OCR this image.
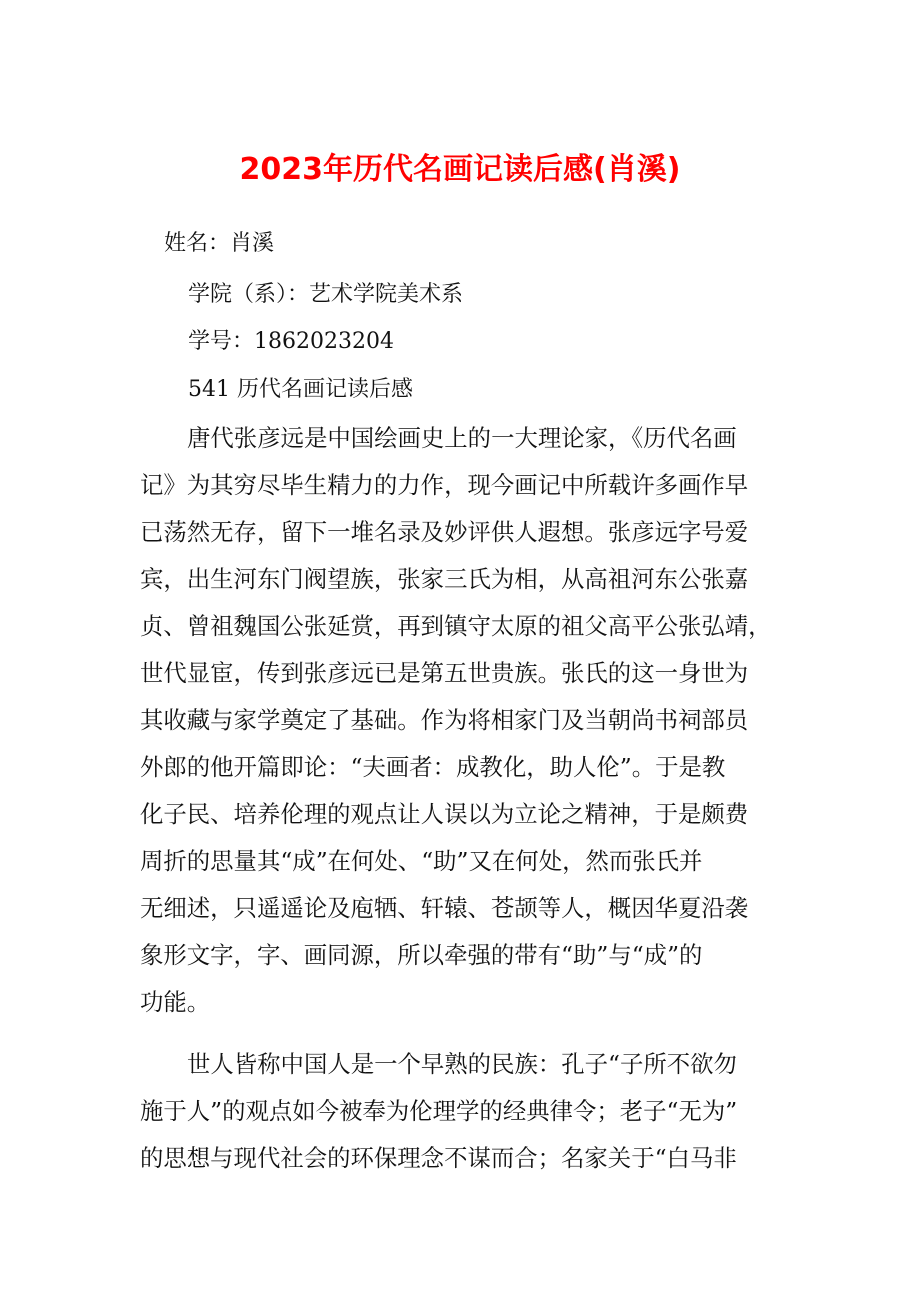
2023年历代名画记读后感(肖溪)
姓名：肖溪
学院（系）：艺术学院美术系
学号：1862023204
541 历代名画记读后感
唐代张彦远是中国绘画史上的一大理论家，《历代名画
记》为其穷尽毕生精力的力作，现今画记中所载许多画作早
已荡然无存，留下一堆名录及妙评供人遐想。张彦远字号爱
宾，出生河东门阀望族，张家三氏为相，从高祖河东公张嘉
贞、曾祖魏国公张延赏，再到镇守太原的祖父高平公张弘靖，
世代显宦，传到张彦远已是第五世贵族。张氏的这一身世为
其收藏与家学奠定了基础。作为将相家门及当朝尚书祠部员
外郎的他开篇即论：“夫画者：成教化，助人伦”。于是教
化子民、培养伦理的观点让人误以为立论之精神，于是颇费
周折的思量其“成”在何处、“助”又在何处，然而张氏并
无细述，只遥遥论及庖牺、轩辕、苍颉等人，概因华夏沿袭
象形文字，字、画同源，所以牵强的带有“助”与“成”的
功能。
世人皆称中国人是一个早熟的民族：孔子“子所不欲勿
施于人”的观点如今被奉为伦理学的经典律令；老子“无为”
的思想与现代社会的环保理念不谋而合；名家关于“白马非
